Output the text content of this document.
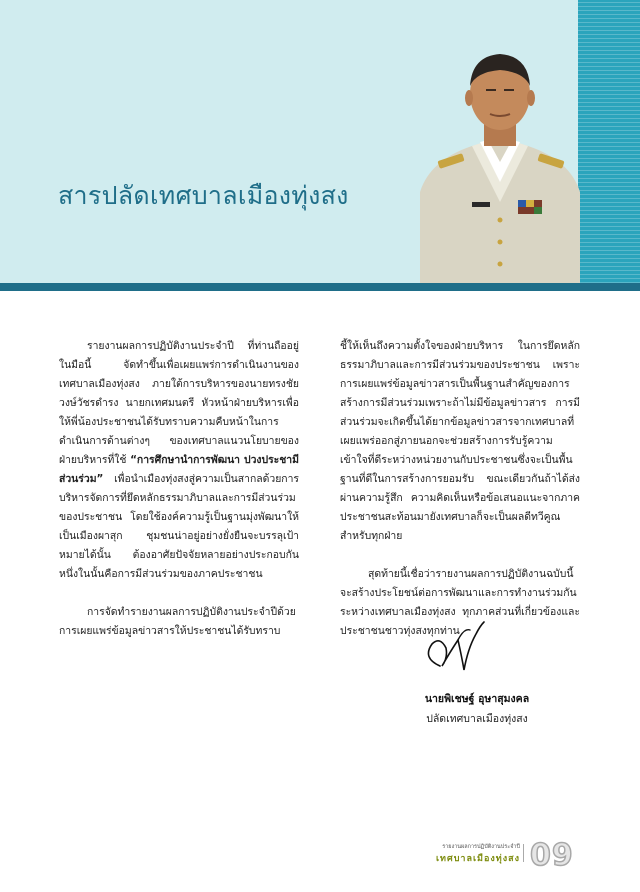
สารปลัดเทศบาลเมืองทุ่งสง

รายงานผลการปฏิบัติงานประจำปี ที่ท่านถืออยู่ในมือนี้ จัดทำขึ้นเพื่อเผยแพร่การดำเนินงานของเทศบาลเมืองทุ่งสง ภายใต้การบริหารของนายทรงชัย วงษ์วัชรดำรง นายกเทศมนตรี หัวหน้าฝ่ายบริหารเพื่อให้พี่น้องประชาชนได้รับทราบความคืบหน้าในการดำเนินการด้านต่างๆ ของเทศบาลแนวนโยบายของฝ่ายบริหารที่ใช้ “การศึกษานำการพัฒนา ปวงประชามีส่วนร่วม” เพื่อนำเมืองทุ่งสงสู่ความเป็นสากลด้วยการบริหารจัดการที่ยึดหลักธรรมาภิบาลและการมีส่วนร่วมของประชาชน โดยใช้องค์ความรู้เป็นฐานมุ่งพัฒนาให้เป็นเมืองผาสุก ชุมชนน่าอยู่อย่างยั่งยืนจะบรรลุเป้าหมายได้นั้น ต้องอาศัยปัจจัยหลายอย่างประกอบกันหนึ่งในนั้นคือการมีส่วนร่วมของภาคประชาชน

การจัดทำรายงานผลการปฏิบัติงานประจำปีด้วยการเผยแพร่ข้อมูลข่าวสารให้ประชาชนได้รับทราบ

ชี้ให้เห็นถึงความตั้งใจของฝ่ายบริหาร ในการยึดหลักธรรมาภิบาลและการมีส่วนร่วมของประชาชน เพราะการเผยแพร่ข้อมูลข่าวสารเป็นพื้นฐานสำคัญของการสร้างการมีส่วนร่วมเพราะถ้าไม่มีข้อมูลข่าวสาร การมีส่วนร่วมจะเกิดขึ้นได้ยากข้อมูลข่าวสารจากเทศบาลที่เผยแพร่ออกสู่ภายนอกจะช่วยสร้างการรับรู้ความเข้าใจที่ดีระหว่างหน่วยงานกับประชาชนซึ่งจะเป็นพื้นฐานที่ดีในการสร้างการยอมรับ ขณะเดียวกันถ้าได้ส่งผ่านความรู้สึก ความคิดเห็นหรือข้อเสนอแนะจากภาคประชาชนสะท้อนมายังเทศบาลก็จะเป็นผลดีทวีคูณสำหรับทุกฝ่าย

สุดท้ายนี้เชื่อว่ารายงานผลการปฏิบัติงานฉบับนี้จะสร้างประโยชน์ต่อการพัฒนาและการทำงานร่วมกันระหว่างเทศบาลเมืองทุ่งสง ทุกภาคส่วนที่เกี่ยวข้องและประชาชนชาวทุ่งสงทุกท่าน

นายพิเชษฐ์ อุษาสุมงคล
ปลัดเทศบาลเมืองทุ่งสง
รายงานผลการปฏิบัติงานประจำปี
เทศบาลเมืองทุ่งสง 09
